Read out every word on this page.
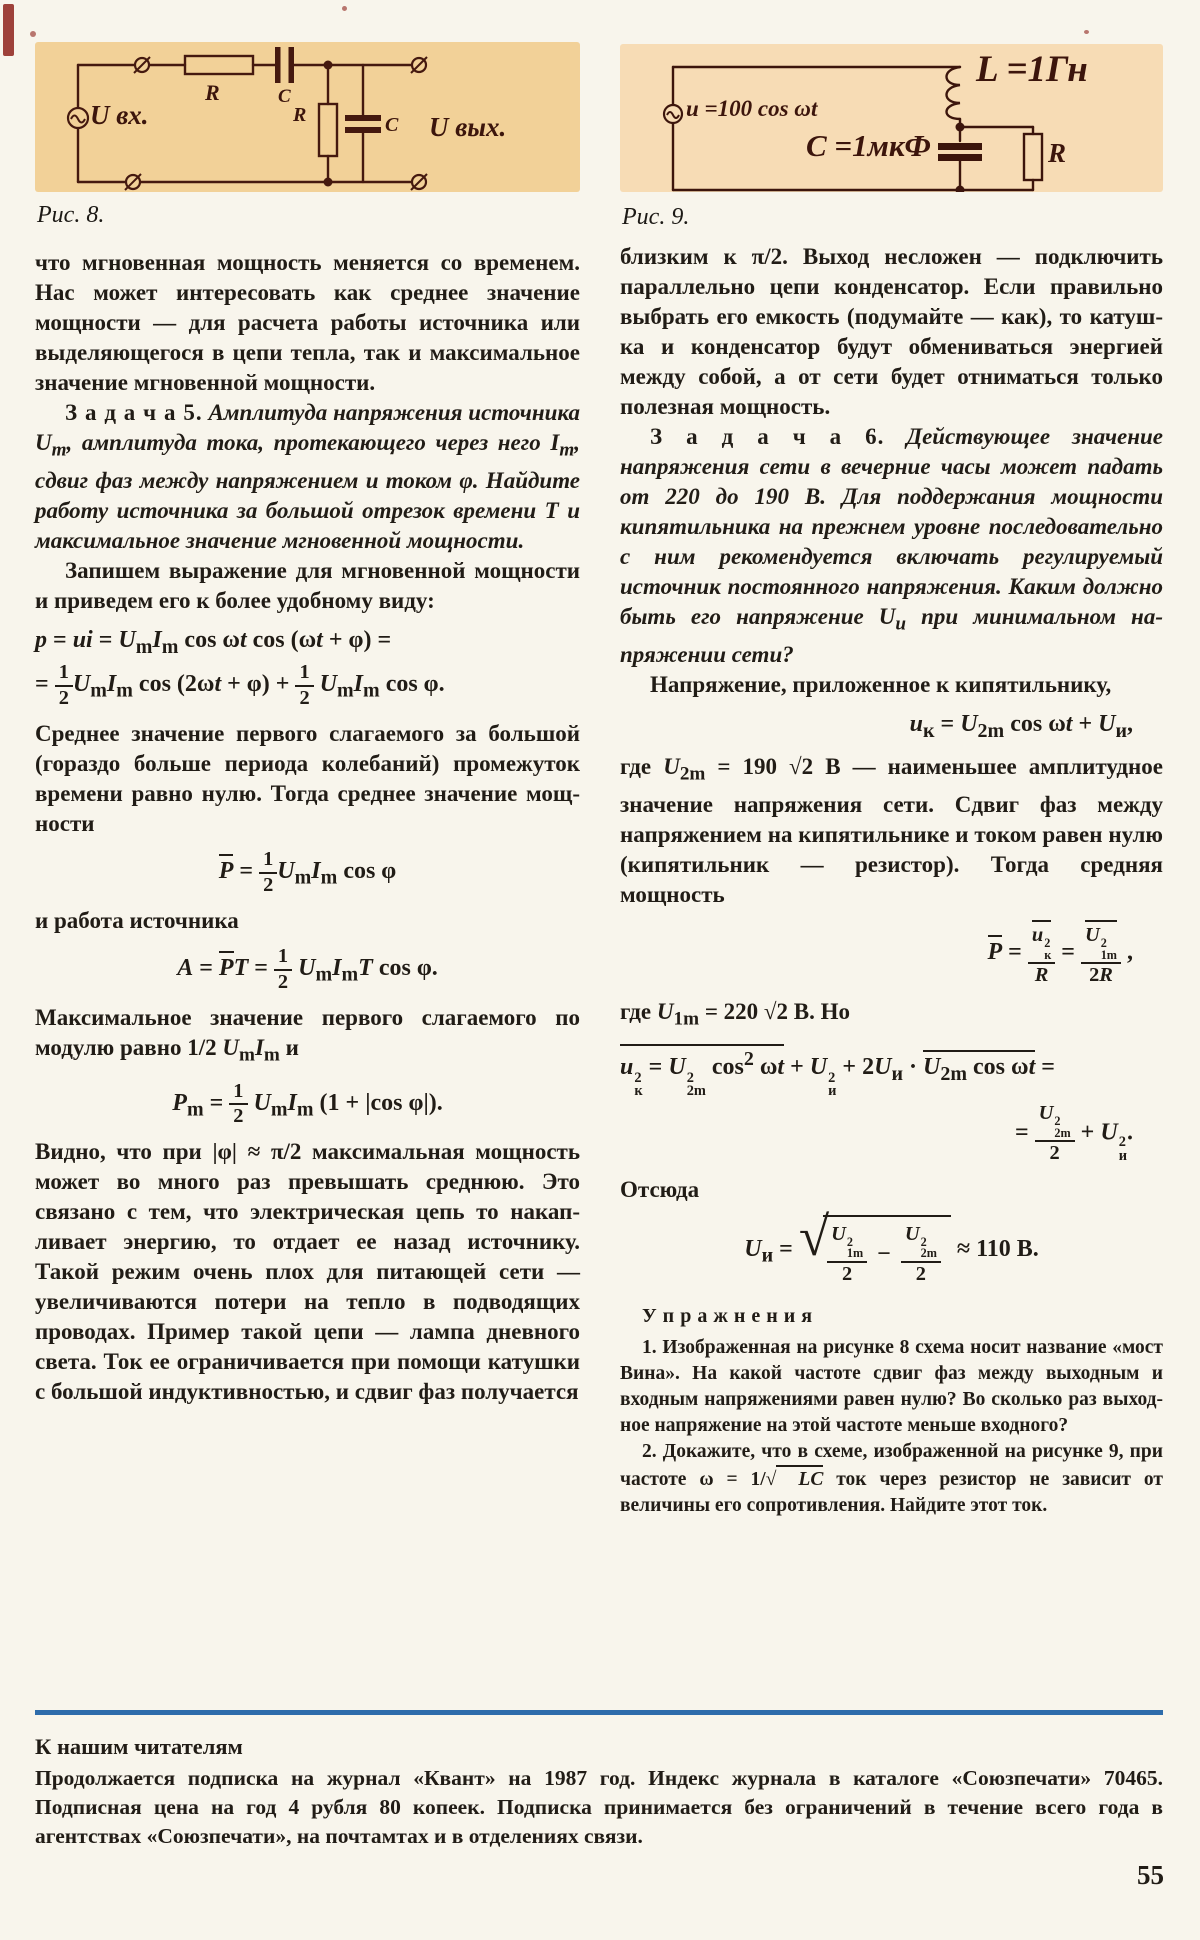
U вх.
R	C
R	C U вых.
Рис. 8.
u =100 cos ωt
C =1мкФ
L =1Гн
R
Рис. 9.

что мгновенная мощность меняется со временем. Нас может интересовать как среднее значение мощности — для расчета работы источника или выделяющегося в цепи тепла, так и максимальное значение мгновенной мощности.

З а д а ч а 5. Амплитуда напряжения источника $U_m$, амплитуда тока, протекающего через него $I_m$, сдвиг фаз между напряжением и током φ. Найдите работу источника за большой отрезок времени T и максимальное значение мгновенной мощности.

Запишем выражение для мгновенной мощности и приведем его к более удобному виду:

p = ui = $U_mI_m$ cos ωt cos (ωt + φ) =
= $\frac{1}{2} U_mI_m$ $\cos (2\omega t + \varphi) + \frac{1}{2} U_mI_m$ cos φ.

Среднее значение первого слагаемого за большой (гораздо больше периода колебаний) промежуток времени равно нулю. Тогда среднее значение мощности

$P = \frac{1}{2} U_mI_m$ cos φ

и работа источника

A = PT = $\frac{1}{2} U_mI_mT$ cos φ.

Максимальное значение первого слагаемого по модулю равно 1/2 $U_mI_m$ и

$P_m = \frac{1}{2} U_mI_m$ (1 + |cos φ|).

Видно, что при |φ| ≈ π/2 максимальная мощность может во много раз превышать среднюю. Это связано с тем, что электрическая цепь то накапливает энергию, то отдает ее назад источнику. Такой режим очень плох для питающей сети — увеличиваются потери на тепло в подводящих проводах. Пример такой цепи — лампа дневного света. Ток ее ограничивается при помощи катушки с большой индуктивностью, и сдвиг фаз получается

близким к π/2. Выход несложен — подключить параллельно цепи конденсатор. Если правильно выбрать его емкость (подумайте — как), то катушка и конденсатор будут обмениваться энергией между собой, а от сети будет отниматься только полезная мощность.

З а д а ч а 6. Действующее значение напряжения сети в вечерние часы может падать от 220 до 190 В. Для поддержания мощности кипятильника на прежнем уровне последовательно с ним рекомендуется включать регулируемый источник постоянного напряжения. Каким должно быть его напряжение $U_и$ при минимальном напряжении сети?

Напряжение, приложенное к кипятильнику,

$u_к = U_{2m}$ $\cos \omega t + U_и$,

где $U_{2m} = 190$ √2 В — наименьшее амплитудное значение напряжения сети. Сдвиг фаз между напряжением на кипятильнике и током равен нулю (кипятильник — резистор). Тогда средняя мощность

P =
u 2
к
R
= U 2
1m
2R ,

где $U_{1m} = 220$ √2 В. Но

u 2
к
= U 2
2m
$\cos^2 \omega t + U$ 2
и
+ $2U_и \cdot U_{2m}$ cos ωt =
= U 2
2m
2 + U 2
и
.

Отсюда

$U_и$ = √ U 2
1m
2
−
U 2
2m
2
≈ 110 В.
У п р а ж н е н и я

1. Изображенная на рисунке 8 схема носит название «мост Вина». На какой частоте сдвиг фаз между выходным и входным напряжениями равен нулю? Во сколько раз выходное напряжение на этой частоте меньше входного?

2. Докажите, что в схеме, изображенной на рисунке 9, при частоте ω = 1/√ LC ток через резистор не зависит от величины его сопротивления. Найдите этот ток.

К нашим читателям
Продолжается подписка на журнал «Квант» на 1987 год. Индекс журнала в каталоге «Союзпечати» 70465. Подписная цена на год 4 рубля 80 копеек. Подписка принимается без ограничений в течение всего года в агентствах «Союзпечати», на почтамтах и в отделениях связи.
55
